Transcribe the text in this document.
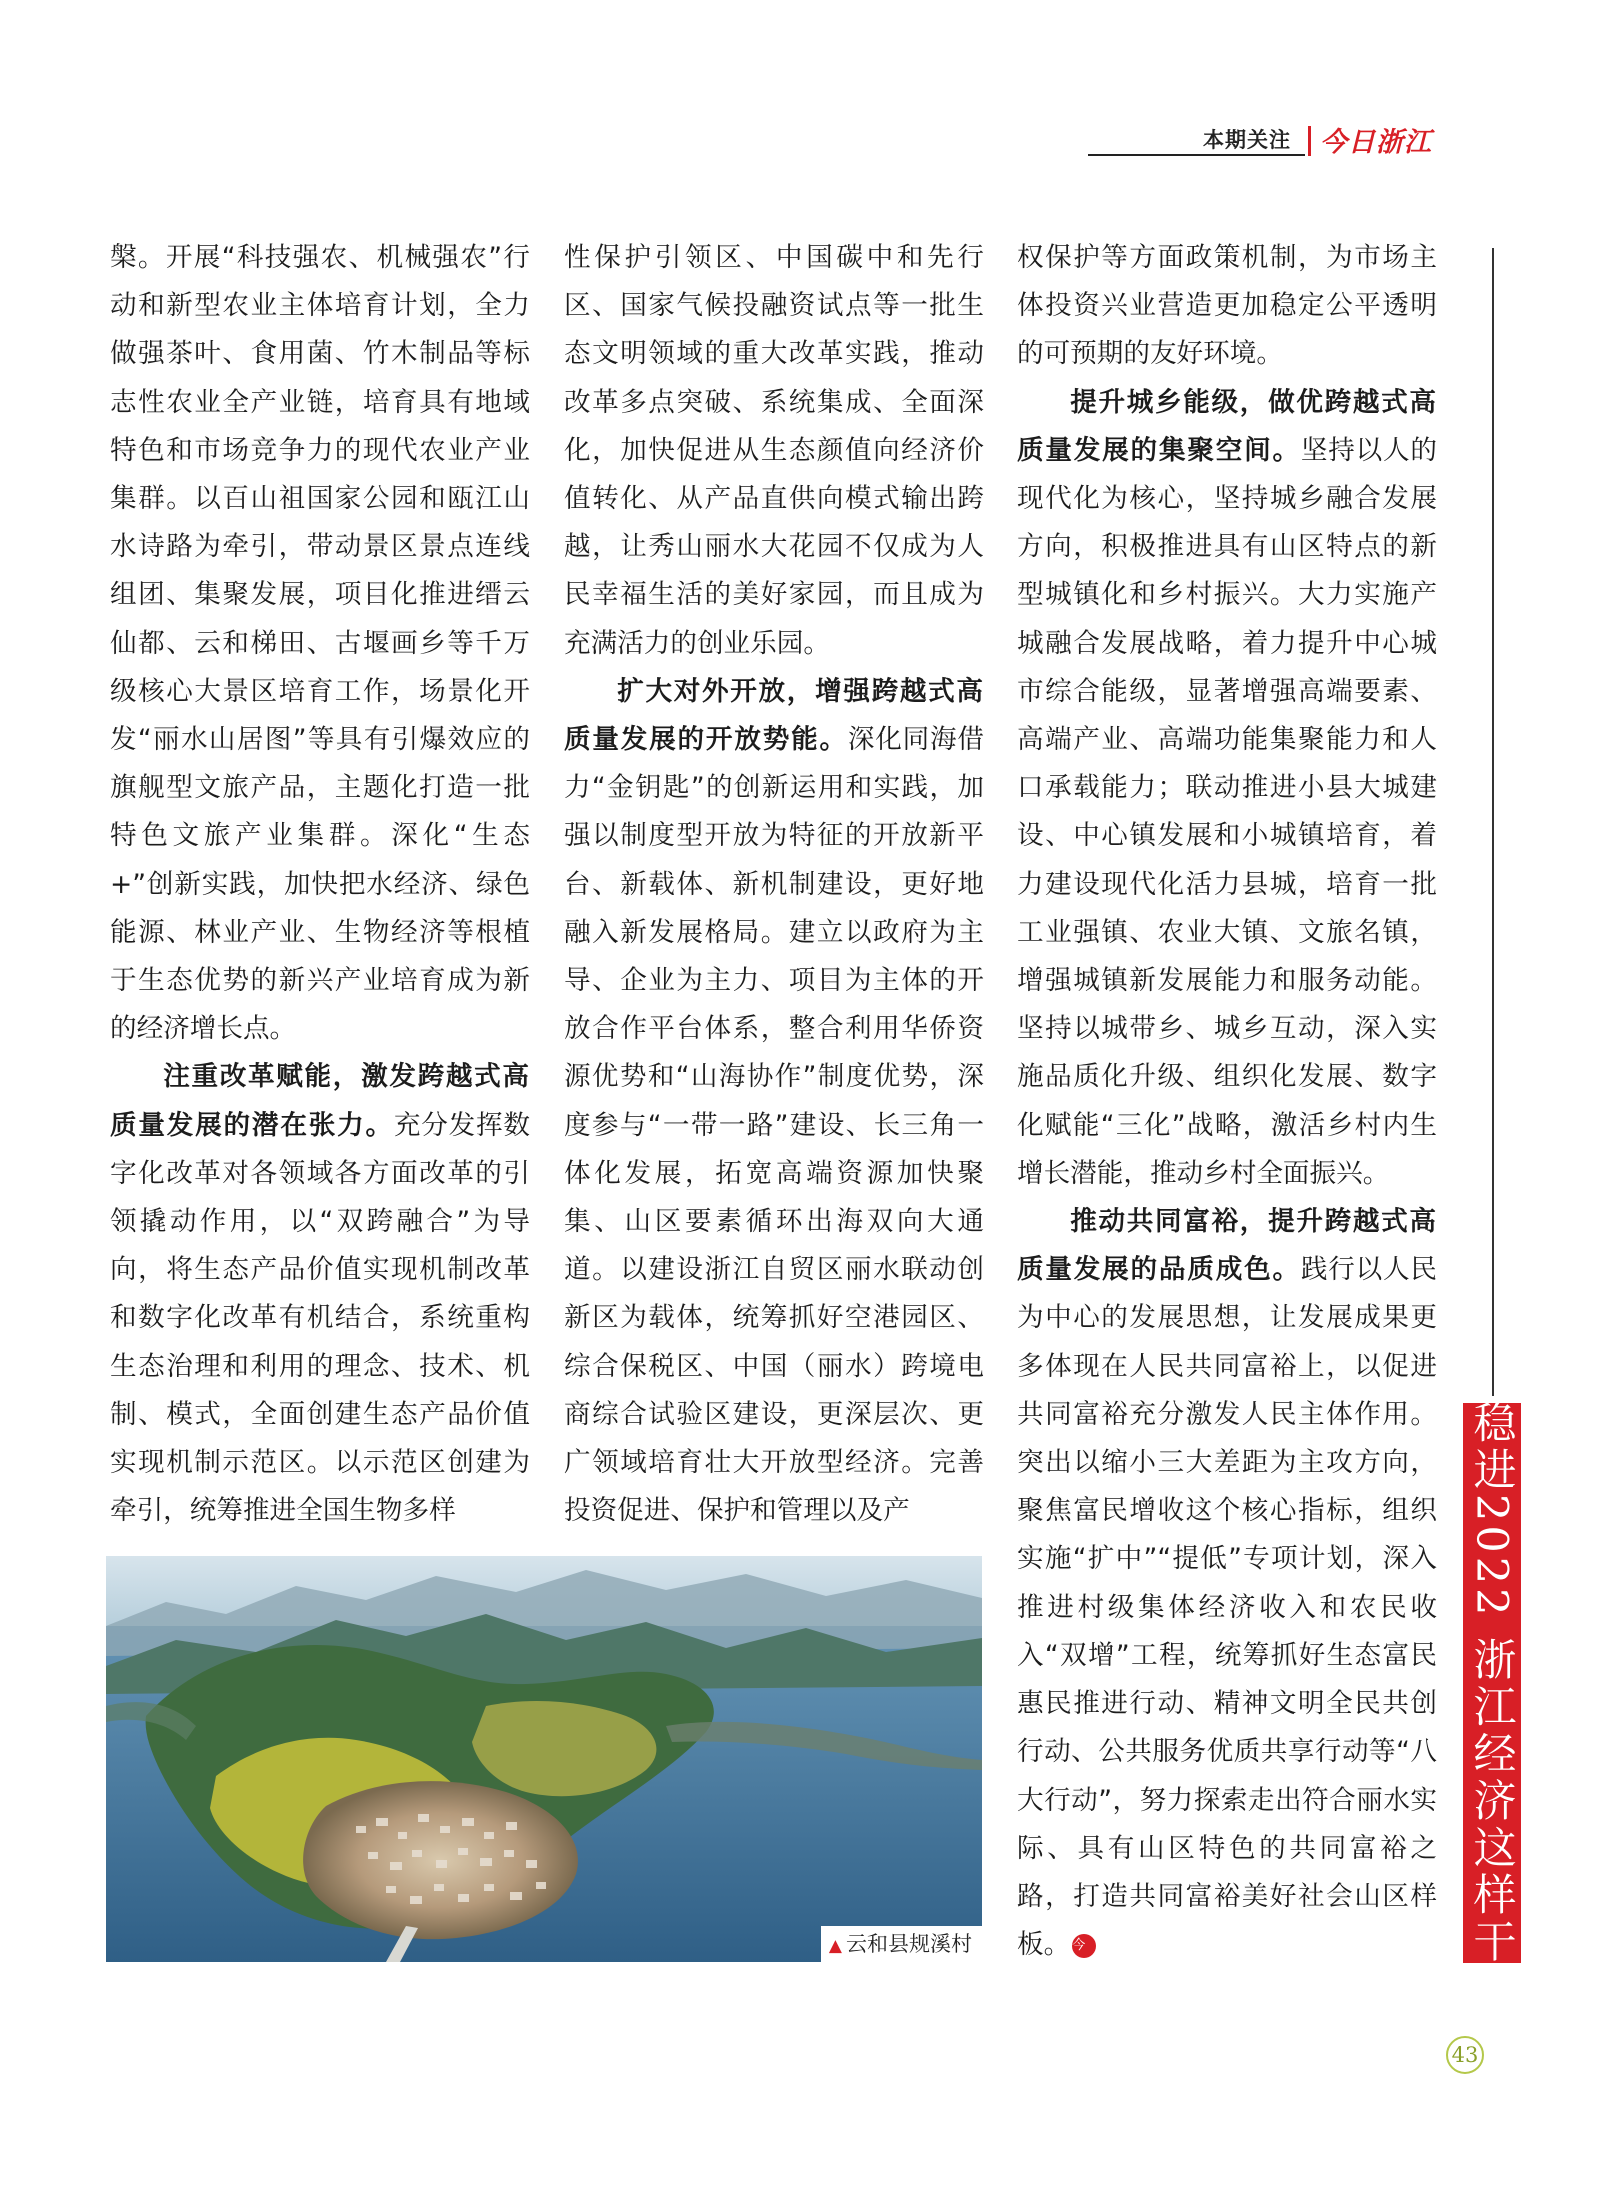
本期关注 今日浙江

槃。开展“科技强农、机械强农”行动和新型农业主体培育计划，全力做强茶叶、食用菌、竹木制品等标志性农业全产业链，培育具有地域特色和市场竞争力的现代农业产业集群。以百山祖国家公园和瓯江山水诗路为牵引，带动景区景点连线组团、集聚发展，项目化推进缙云仙都、云和梯田、古堰画乡等千万级核心大景区培育工作，场景化开发“丽水山居图”等具有引爆效应的旗舰型文旅产品，主题化打造一批特色文旅产业集群。深化“生态+”创新实践，加快把水经济、绿色能源、林业产业、生物经济等根植于生态优势的新兴产业培育成为新的经济增长点。

注重改革赋能，激发跨越式高质量发展的潜在张力。充分发挥数字化改革对各领域各方面改革的引领撬动作用，以“双跨融合”为导向，将生态产品价值实现机制改革和数字化改革有机结合，系统重构生态治理和利用的理念、技术、机制、模式，全面创建生态产品价值实现机制示范区。以示范区创建为牵引，统筹推进全国生物多样

性保护引领区、中国碳中和先行区、国家气候投融资试点等一批生态文明领域的重大改革实践，推动改革多点突破、系统集成、全面深化，加快促进从生态颜值向经济价值转化、从产品直供向模式输出跨越，让秀山丽水大花园不仅成为人民幸福生活的美好家园，而且成为充满活力的创业乐园。

扩大对外开放，增强跨越式高质量发展的开放势能。深化同海借力“金钥匙”的创新运用和实践，加强以制度型开放为特征的开放新平台、新载体、新机制建设，更好地融入新发展格局。建立以政府为主导、企业为主力、项目为主体的开放合作平台体系，整合利用华侨资源优势和“山海协作”制度优势，深度参与“一带一路”建设、长三角一体化发展，拓宽高端资源加快聚集、山区要素循环出海双向大通道。以建设浙江自贸区丽水联动创新区为载体，统筹抓好空港园区、综合保税区、中国（丽水）跨境电商综合试验区建设，更深层次、更广领域培育壮大开放型经济。完善投资促进、保护和管理以及产

权保护等方面政策机制，为市场主体投资兴业营造更加稳定公平透明的可预期的友好环境。

提升城乡能级，做优跨越式高质量发展的集聚空间。坚持以人的现代化为核心，坚持城乡融合发展方向，积极推进具有山区特点的新型城镇化和乡村振兴。大力实施产城融合发展战略，着力提升中心城市综合能级，显著增强高端要素、高端产业、高端功能集聚能力和人口承载能力；联动推进小县大城建设、中心镇发展和小城镇培育，着力建设现代化活力县城，培育一批工业强镇、农业大镇、文旅名镇，增强城镇新发展能力和服务动能。坚持以城带乡、城乡互动，深入实施品质化升级、组织化发展、数字化赋能“三化”战略，激活乡村内生增长潜能，推动乡村全面振兴。

推动共同富裕，提升跨越式高质量发展的品质成色。践行以人民为中心的发展思想，让发展成果更多体现在人民共同富裕上，以促进共同富裕充分激发人民主体作用。突出以缩小三大差距为主攻方向，聚焦富民增收这个核心指标，组织实施“扩中”“提低”专项计划，深入推进村级集体经济收入和农民收入“双增”工程，统筹抓好生态富民惠民推进行动、精神文明全民共创行动、公共服务优质共享行动等“八大行动”，努力探索走出符合丽水实际、具有山区特色的共同富裕之路，打造共同富裕美好社会山区样板。 今

▲ 云和县规溪村	稳进2022 浙江经济这样干
43
